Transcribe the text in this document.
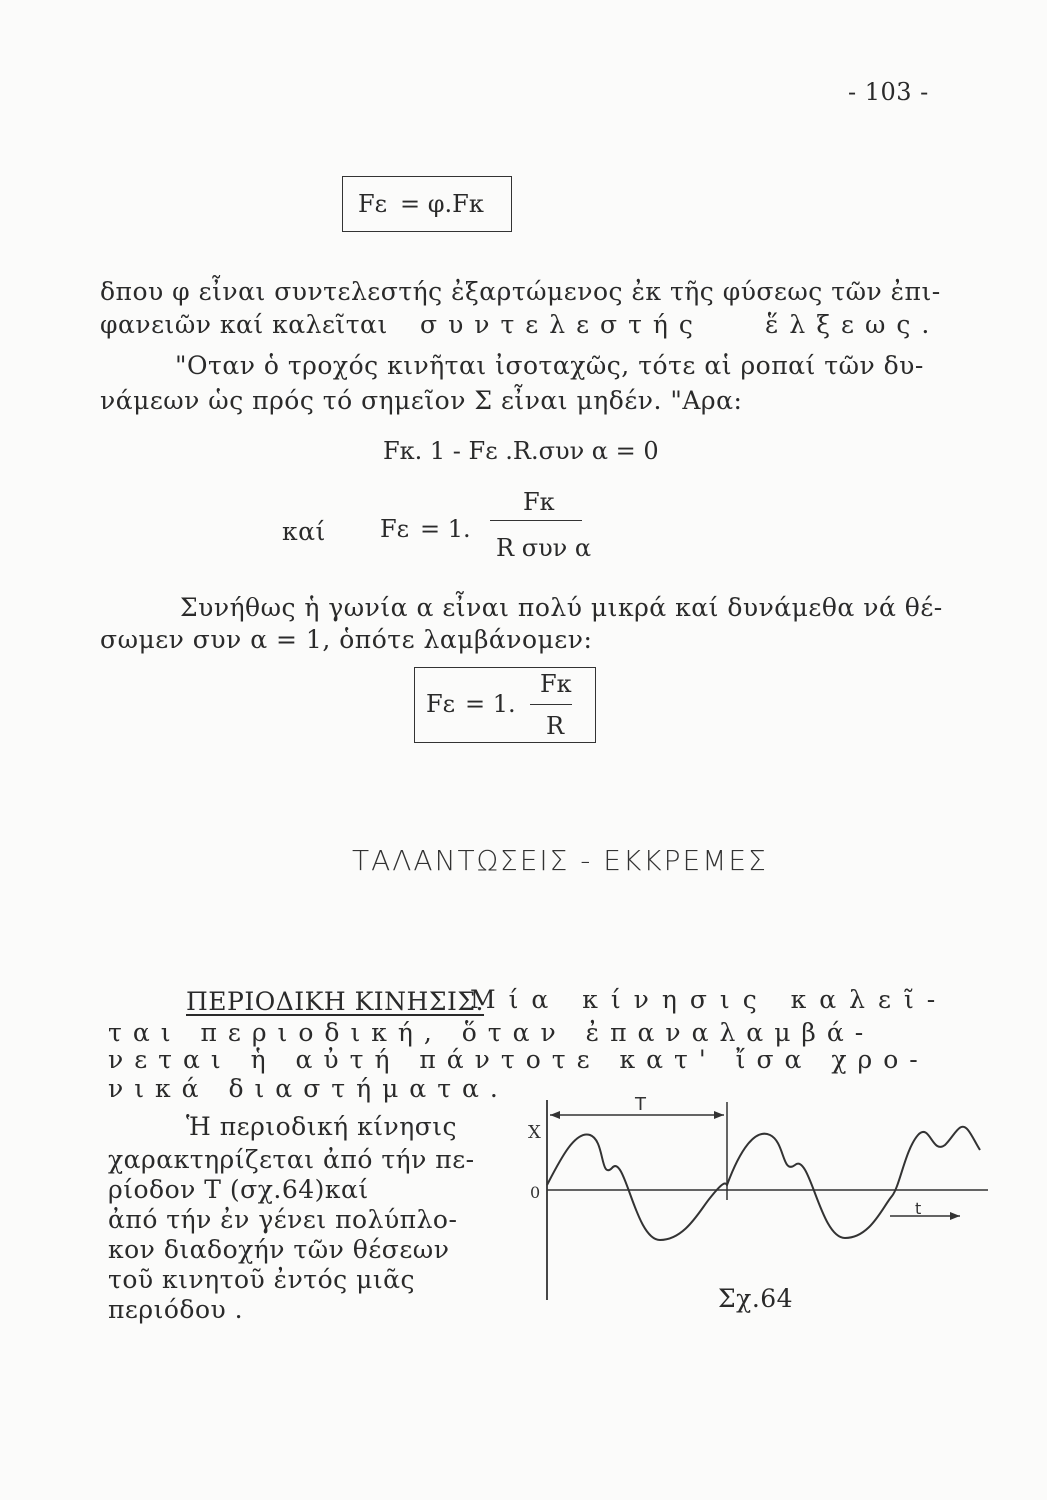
- 103 -
Fε = φ.Fκ
δπου φ εἶναι συντελεστής ἐξαρτώμενος ἐκ τῆς φύσεως τῶν ἐπι-
φανειῶν καί καλεῖται συντελεστής ἕλξεως.
"Οταν ὁ τροχός κινῆται ἰσοταχῶς, τότε αἱ ροπαί τῶν δυ-
νάμεων ὡς πρός τό σημεῖον Σ εἶναι μηδέν. "Αρα:
Fκ. 1 - Fε .R.συν α = 0
καί Fε = 1.
Fκ
R συν α
Συνήθως ἡ γωνία α εἶναι πολύ μικρά καί δυνάμεθα νά θέ-
σωμεν συν α = 1, ὁπότε λαμβάνομεν:
Fε = 1.
Fκ
R
ΤΑΛΑΝΤΩΣΕΙΣ - ΕΚΚΡΕΜΕΣ
ΠΕΡΙΟΔΙΚΗ ΚΙΝΗΣΙΣ.
Μία κίνησις καλεῖ-
ται περιοδική, ὅταν ἐπαναλαμβά-
νεται ἡ αὐτή πάντοτε κατ' ἴσα χρο-
νικά διαστήματα.
Ἡ περιοδική κίνησις
χαρακτηρίζεται ἀπό τήν πε-
ρίοδον Τ (σχ.64)καί
ἀπό τήν ἐν γένει πολύπλο-
κον διαδοχήν τῶν θέσεων
τοῦ κινητοῦ ἐντός μιᾶς
περιόδου .
X
0
T
t
Σχ.64
